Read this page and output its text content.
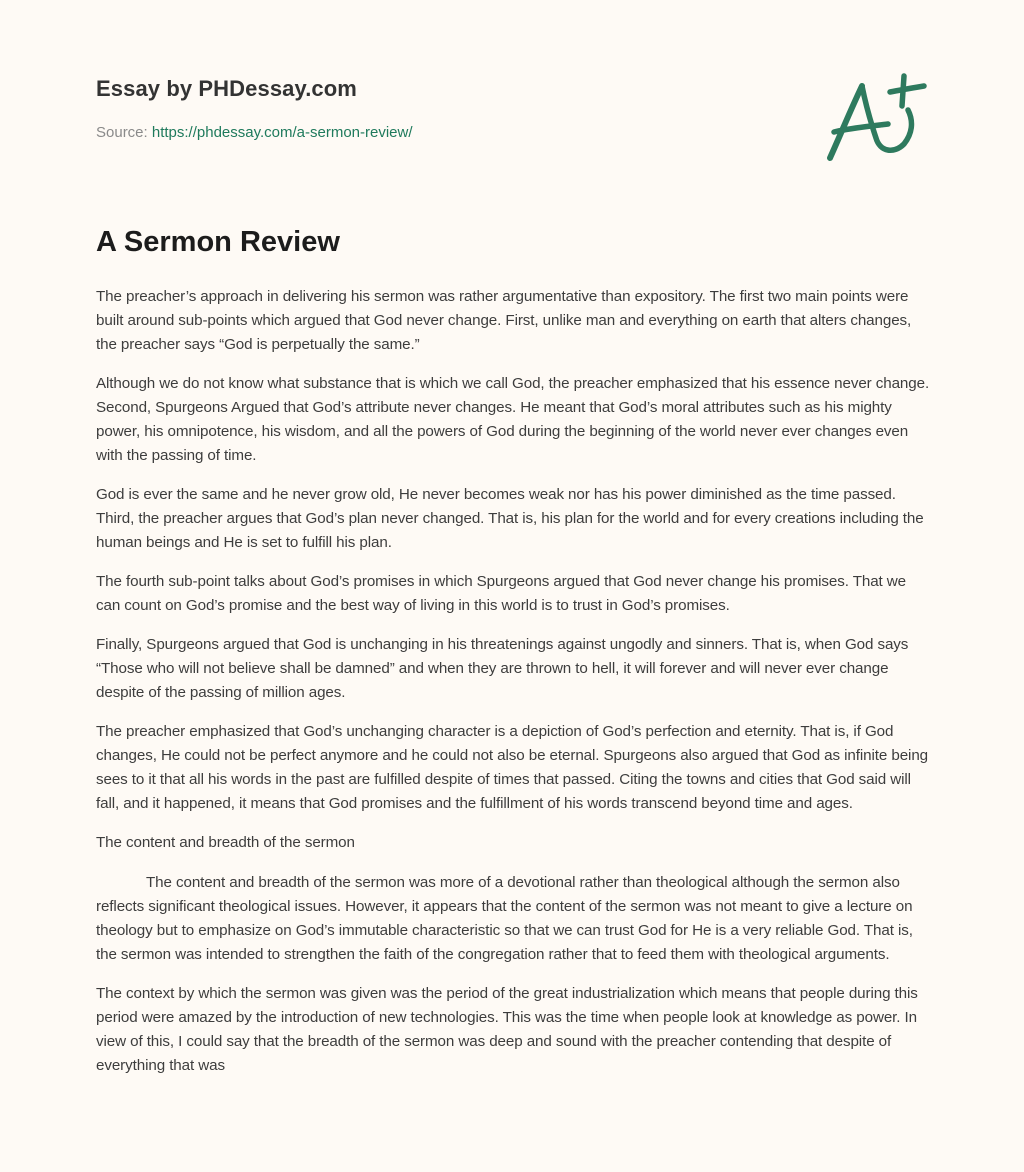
Essay by PHDessay.com
Source: https://phdessay.com/a-sermon-review/
A Sermon Review

The preacher’s approach in delivering his sermon was rather argumentative than expository. The first two main points were built around sub-points which argued that God never change. First, unlike man and everything on earth that alters changes, the preacher says “God is perpetually the same.”

Although we do not know what substance that is which we call God, the preacher emphasized that his essence never change. Second, Spurgeons Argued that God’s attribute never changes. He meant that God’s moral attributes such as his mighty power, his omnipotence, his wisdom, and all the powers of God during the beginning of the world never ever changes even with the passing of time.

God is ever the same and he never grow old, He never becomes weak nor has his power diminished as the time passed. Third, the preacher argues that God’s plan never changed. That is, his plan for the world and for every creations including the human beings and He is set to fulfill his plan.

The fourth sub-point talks about God’s promises in which Spurgeons argued that God never change his promises. That we can count on God’s promise and the best way of living in this world is to trust in God’s promises.

Finally, Spurgeons argued that God is unchanging in his threatenings against ungodly and sinners. That is, when God says “Those who will not believe shall be damned” and when they are thrown to hell, it will forever and will never ever change despite of the passing of million ages.

The preacher emphasized that God’s unchanging character is a depiction of God’s perfection and eternity. That is, if God changes, He could not be perfect anymore and he could not also be eternal. Spurgeons also argued that God as infinite being sees to it that all his words in the past are fulfilled despite of times that passed. Citing the towns and cities that God said will fall, and it happened, it means that God promises and the fulfillment of his words transcend beyond time and ages.

The content and breadth of the sermon

The content and breadth of the sermon was more of a devotional rather than theological although the sermon also reflects significant theological issues. However, it appears that the content of the sermon was not meant to give a lecture on theology but to emphasize on God’s immutable characteristic so that we can trust God for He is a very reliable God. That is, the sermon was intended to strengthen the faith of the congregation rather that to feed them with theological arguments.

The context by which the sermon was given was the period of the great industrialization which means that people during this period were amazed by the introduction of new technologies. This was the time when people look at knowledge as power. In view of this, I could say that the breadth of the sermon was deep and sound with the preacher contending that despite of everything that was
